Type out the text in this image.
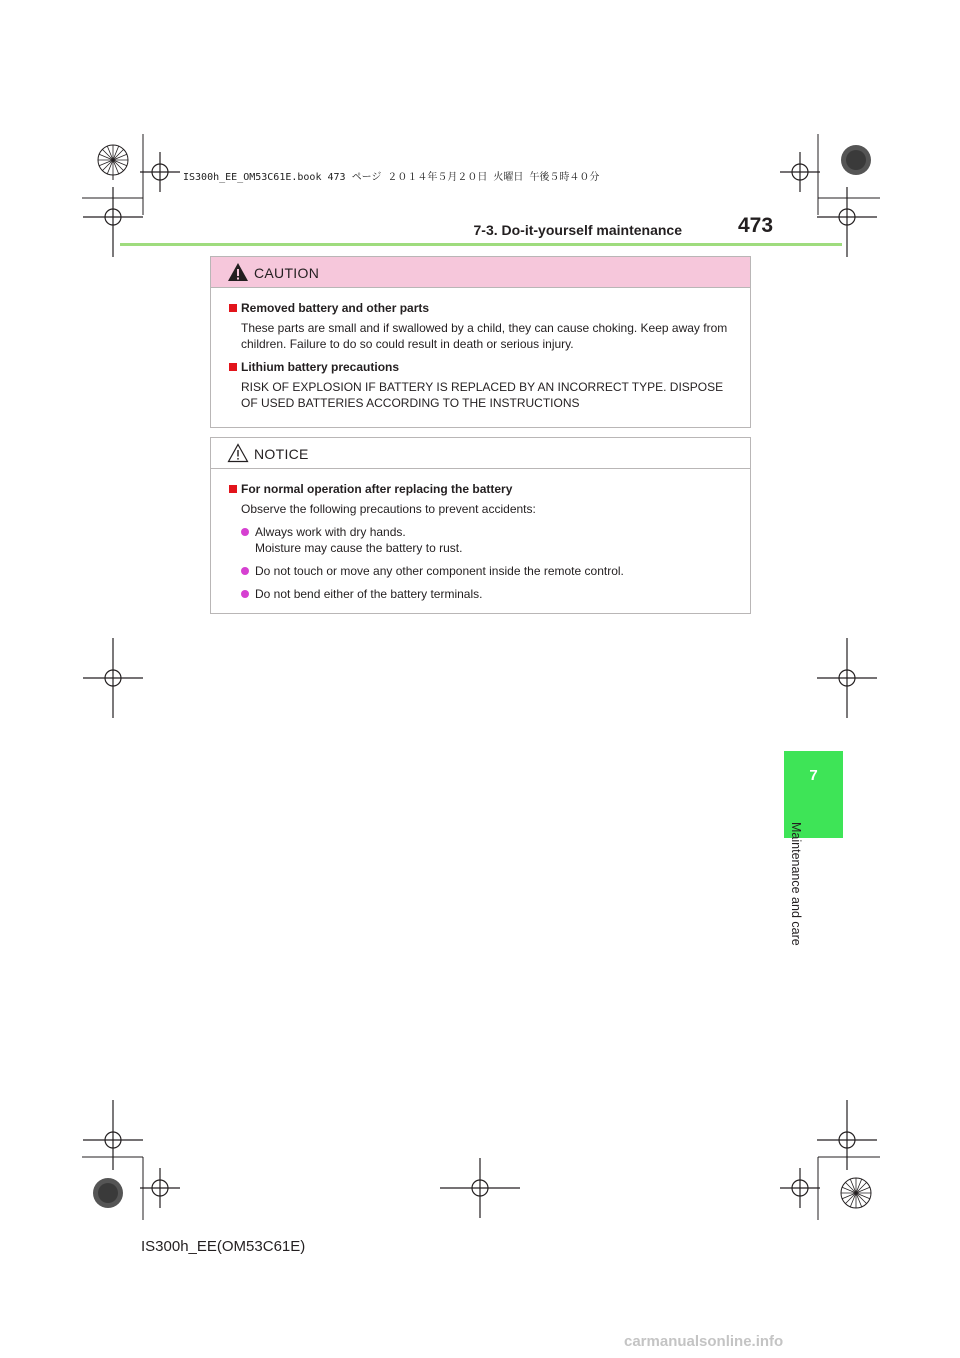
IS300h_EE_OM53C61E.book 473 ページ ２０１４年５月２０日 火曜日 午後５時４０分
7-3. Do-it-yourself maintenance	473
CAUTION
Removed battery and other parts
These parts are small and if swallowed by a child, they can cause choking. Keep away from children. Failure to do so could result in death or serious injury.
Lithium battery precautions
RISK OF EXPLOSION IF BATTERY IS REPLACED BY AN INCORRECT TYPE. DISPOSE OF USED BATTERIES ACCORDING TO THE INSTRUCTIONS
NOTICE
For normal operation after replacing the battery
Observe the following precautions to prevent accidents:
Always work with dry hands.
Moisture may cause the battery to rust.
Do not touch or move any other component inside the remote control.
Do not bend either of the battery terminals.
7
Maintenance and care
IS300h_EE(OM53C61E)
carmanualsonline.info
